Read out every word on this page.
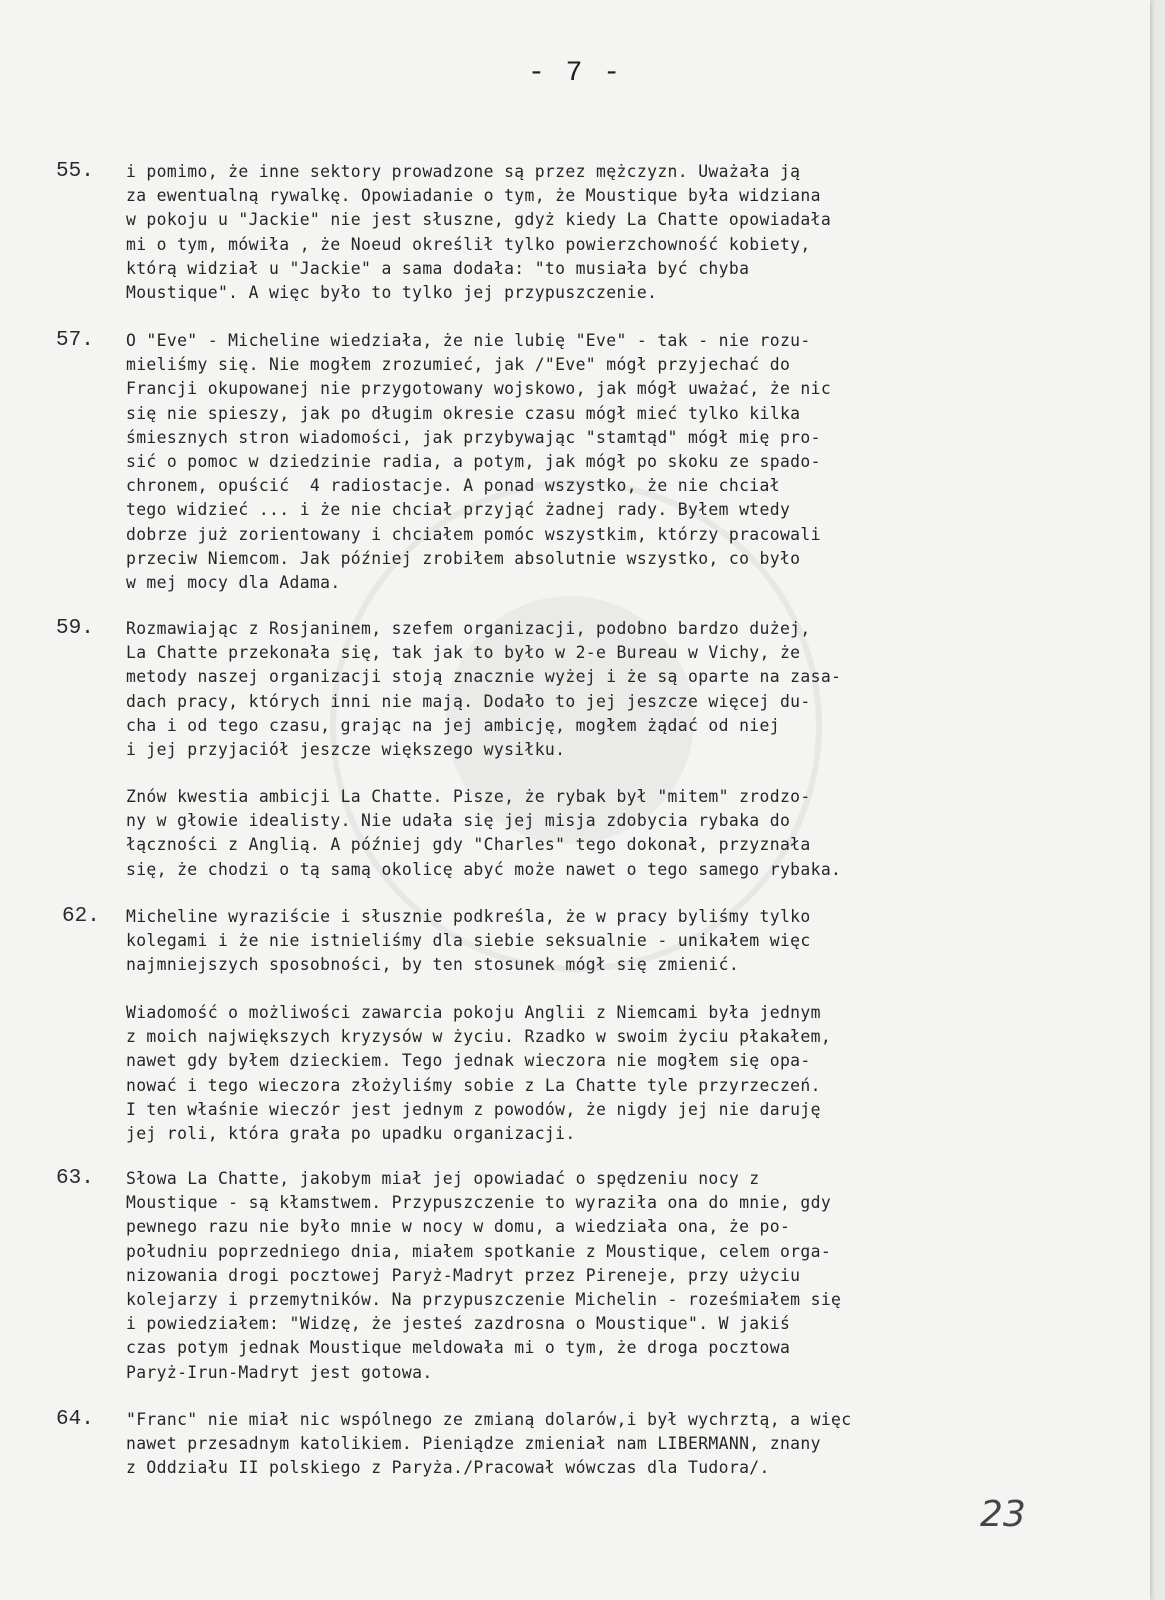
- 7 -
55. i pomimo, że inne sektory prowadzone są przez mężczyzn. Uważała ją
za ewentualną rywalkę. Opowiadanie o tym, że Moustique była widziana
w pokoju u "Jackie" nie jest słuszne, gdyż kiedy La Chatte opowiadała
mi o tym, mówiła , że Noeud określił tylko powierzchowność kobiety,
którą widział u "Jackie" a sama dodała: "to musiała być chyba
Moustique". A więc było to tylko jej przypuszczenie.
57. O "Eve" - Micheline wiedziała, że nie lubię "Eve" - tak - nie rozu-
mieliśmy się. Nie mogłem zrozumieć, jak /"Eve" mógł przyjechać do
Francji okupowanej nie przygotowany wojskowo, jak mógł uważać, że nic
się nie spieszy, jak po długim okresie czasu mógł mieć tylko kilka
śmiesznych stron wiadomości, jak przybywając "stamtąd" mógł mię pro-
sić o pomoc w dziedzinie radia, a potym, jak mógł po skoku ze spado-
chronem, opuścić  4 radiostacje. A ponad wszystko, że nie chciał
tego widzieć ... i że nie chciał przyjąć żadnej rady. Byłem wtedy
dobrze już zorientowany i chciałem pomóc wszystkim, którzy pracowali
przeciw Niemcom. Jak później zrobiłem absolutnie wszystko, co było
w mej mocy dla Adama.
59. Rozmawiając z Rosjaninem, szefem organizacji, podobno bardzo dużej,
La Chatte przekonała się, tak jak to było w 2-e Bureau w Vichy, że
metody naszej organizacji stoją znacznie wyżej i że są oparte na zasa-
dach pracy, których inni nie mają. Dodało to jej jeszcze więcej du-
cha i od tego czasu, grając na jej ambicję, mogłem żądać od niej
i jej przyjaciół jeszcze większego wysiłku.
Znów kwestia ambicji La Chatte. Pisze, że rybak był "mitem" zrodzo-
ny w głowie idealisty. Nie udała się jej misja zdobycia rybaka do
łączności z Anglią. A później gdy "Charles" tego dokonał, przyznała
się, że chodzi o tą samą okolicę abyć może nawet o tego samego rybaka.
62. Micheline wyraziście i słusznie podkreśla, że w pracy byliśmy tylko
kolegami i że nie istnieliśmy dla siebie seksualnie - unikałem więc
najmniejszych sposobności, by ten stosunek mógł się zmienić.
Wiadomość o możliwości zawarcia pokoju Anglii z Niemcami była jednym
z moich największych kryzysów w życiu. Rzadko w swoim życiu płakałem,
nawet gdy byłem dzieckiem. Tego jednak wieczora nie mogłem się opa-
nować i tego wieczora złożyliśmy sobie z La Chatte tyle przyrzeczeń.
I ten właśnie wieczór jest jednym z powodów, że nigdy jej nie daruję
jej roli, która grała po upadku organizacji.
63. Słowa La Chatte, jakobym miał jej opowiadać o spędzeniu nocy z
Moustique - są kłamstwem. Przypuszczenie to wyraziła ona do mnie, gdy
pewnego razu nie było mnie w nocy w domu, a wiedziała ona, że po-
południu poprzedniego dnia, miałem spotkanie z Moustique, celem orga-
nizowania drogi pocztowej Paryż-Madryt przez Pireneje, przy użyciu
kolejarzy i przemytników. Na przypuszczenie Michelin - roześmiałem się
i powiedziałem: "Widzę, że jesteś zazdrosna o Moustique". W jakiś
czas potym jednak Moustique meldowała mi o tym, że droga pocztowa
Paryż-Irun-Madryt jest gotowa.
64. "Franc" nie miał nic wspólnego ze zmianą dolarów,i był wychrztą, a więc
nawet przesadnym katolikiem. Pieniądze zmieniał nam LIBERMANN, znany
z Oddziału II polskiego z Paryża./Pracował wówczas dla Tudora/.
23
